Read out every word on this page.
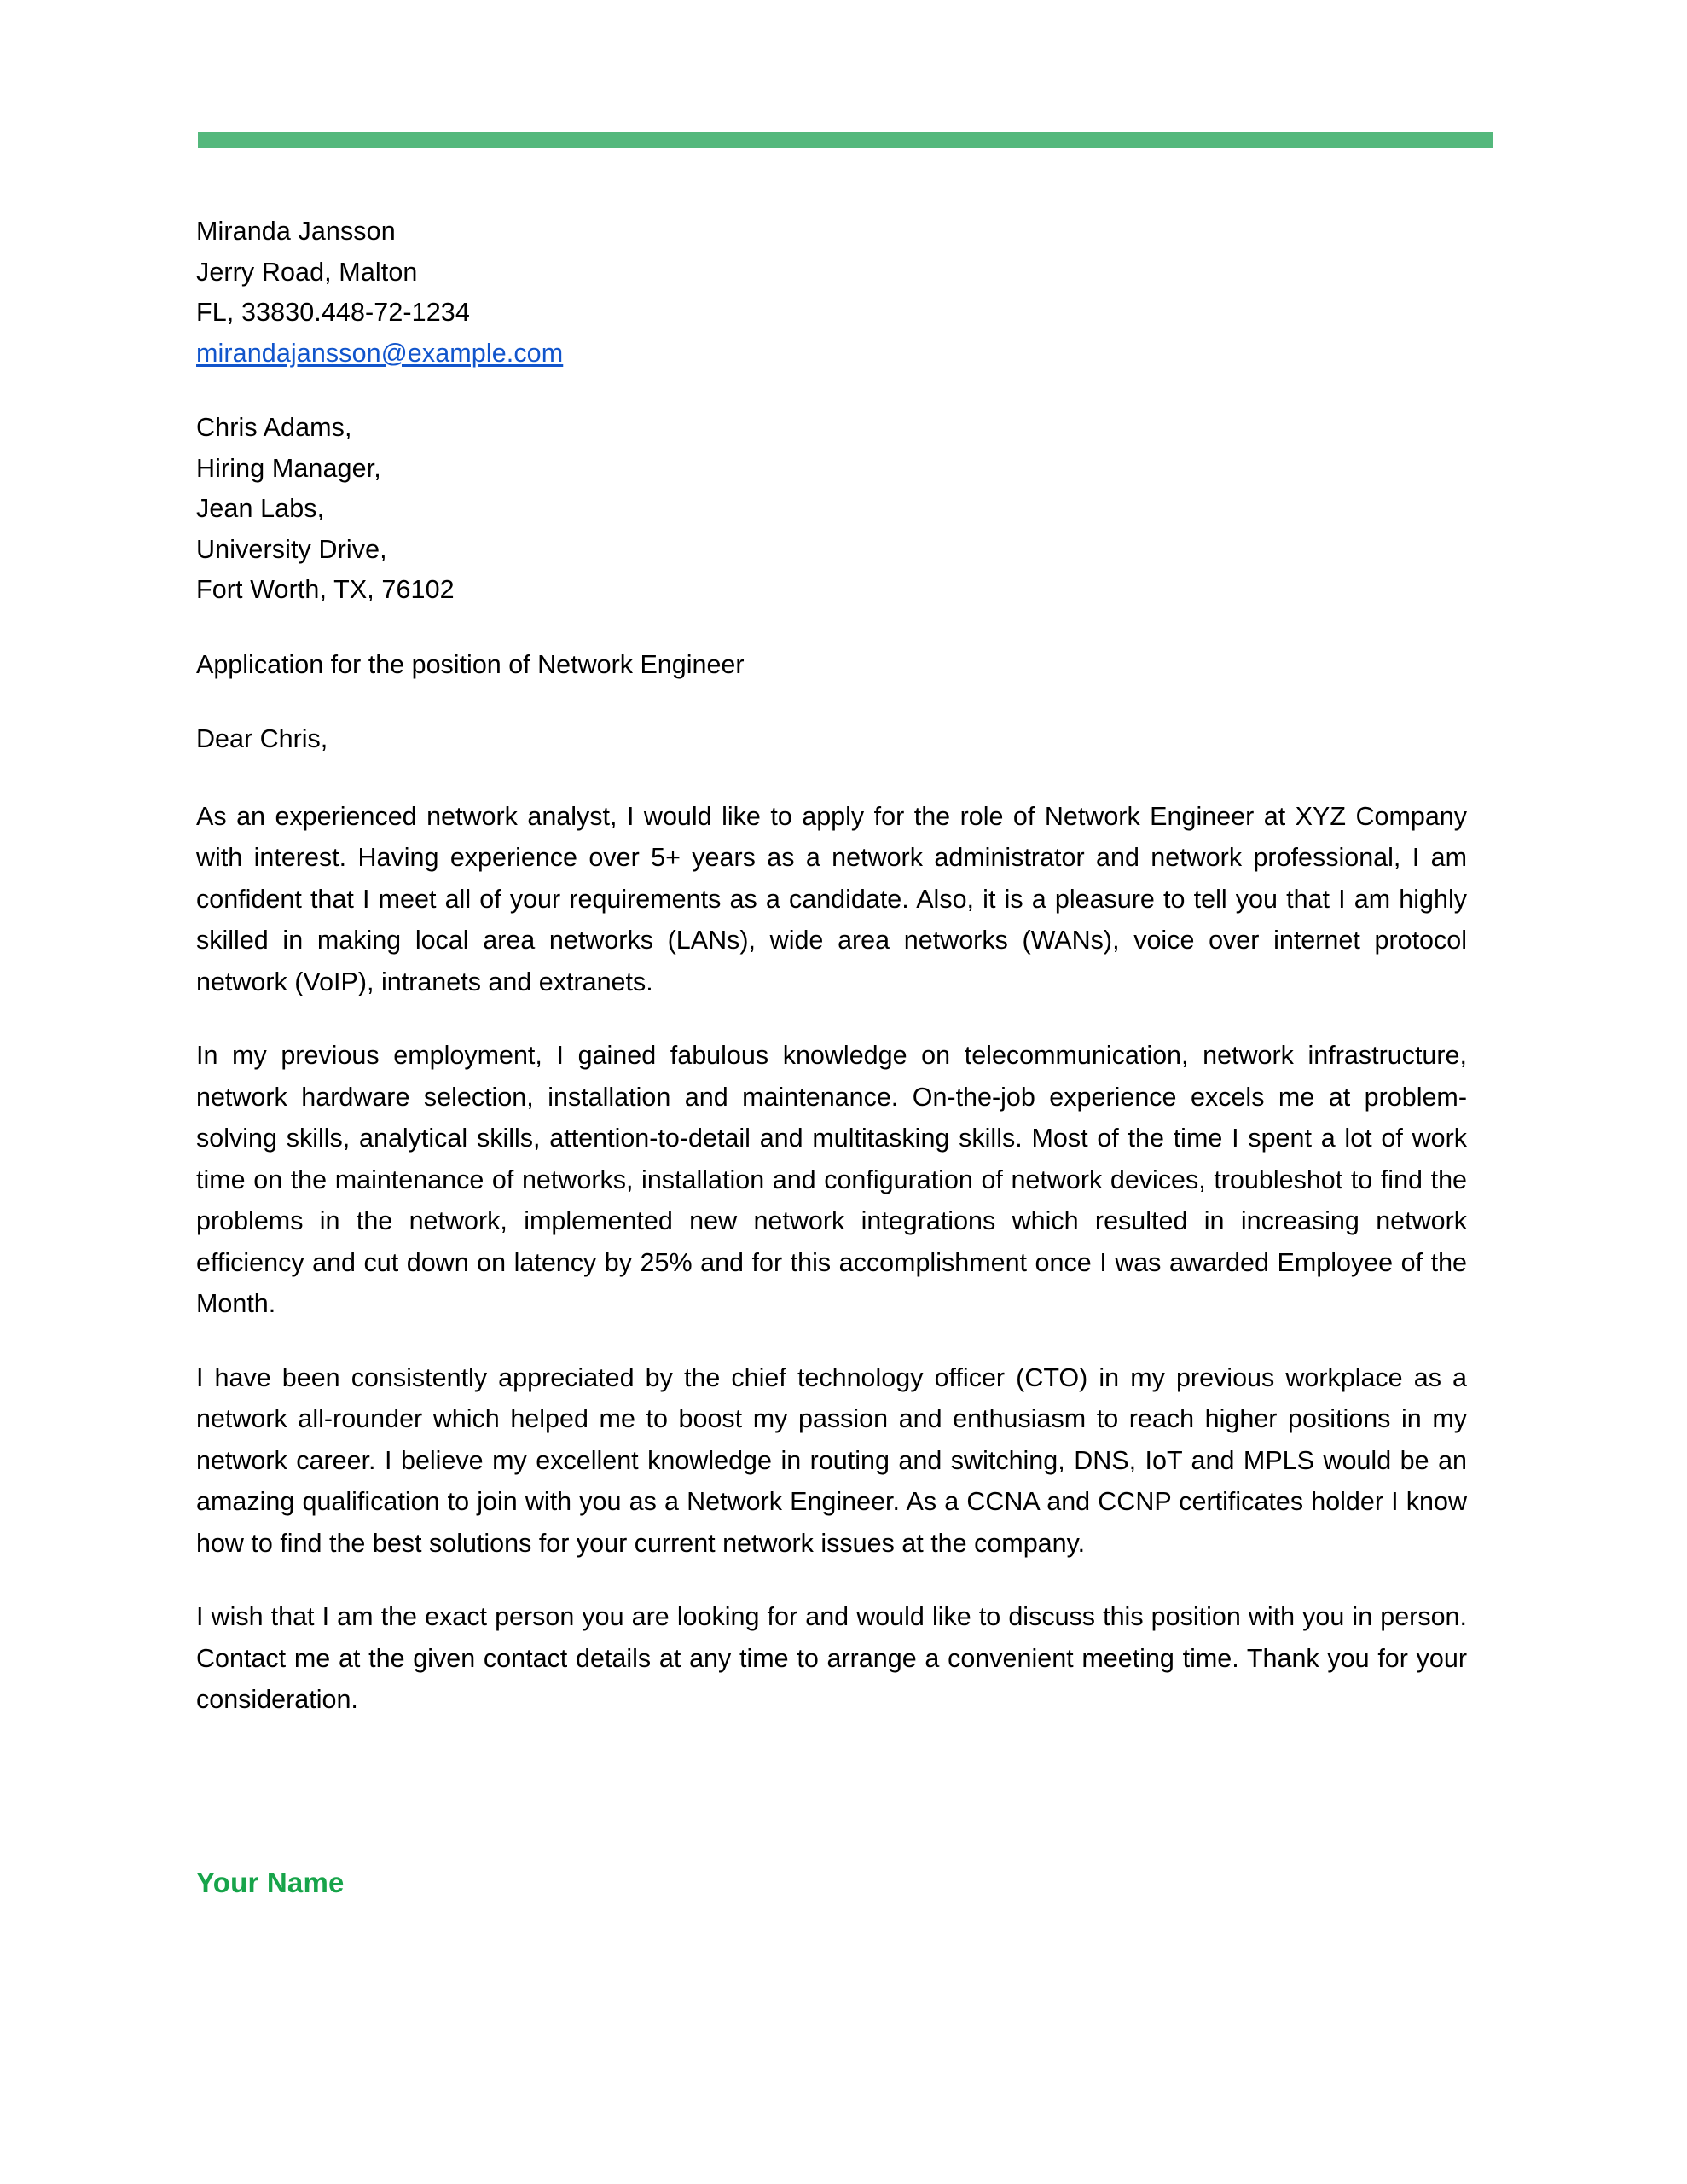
Miranda Jansson
Jerry Road, Malton
FL, 33830.448-72-1234
mirandajansson@example.com
Chris Adams,
Hiring Manager,
Jean Labs,
University Drive,
Fort Worth, TX, 76102
Application for the position of Network Engineer
Dear Chris,

As an experienced network analyst, I would like to apply for the role of Network Engineer at XYZ Company with interest. Having experience over 5+ years as a network administrator and network professional, I am confident that I meet all of your requirements as a candidate. Also, it is a pleasure to tell you that I am highly skilled in making local area networks (LANs), wide area networks (WANs), voice over internet protocol network (VoIP), intranets and extranets.

In my previous employment, I gained fabulous knowledge on telecommunication, network infrastructure, network hardware selection, installation and maintenance. On-the-job experience excels me at problem-solving skills, analytical skills, attention-to-detail and multitasking skills. Most of the time I spent a lot of work time on the maintenance of networks, installation and configuration of network devices, troubleshot to find the problems in the network, implemented new network integrations which resulted in increasing network efficiency and cut down on latency by 25% and for this accomplishment once I was awarded Employee of the Month.

I have been consistently appreciated by the chief technology officer (CTO) in my previous workplace as a network all-rounder which helped me to boost my passion and enthusiasm to reach higher positions in my network career. I believe my excellent knowledge in routing and switching, DNS, IoT and MPLS would be an amazing qualification to join with you as a Network Engineer. As a CCNA and CCNP certificates holder I know how to find the best solutions for your current network issues at the company.

I wish that I am the exact person you are looking for and would like to discuss this position with you in person. Contact me at the given contact details at any time to arrange a convenient meeting time. Thank you for your consideration.

Your Name
